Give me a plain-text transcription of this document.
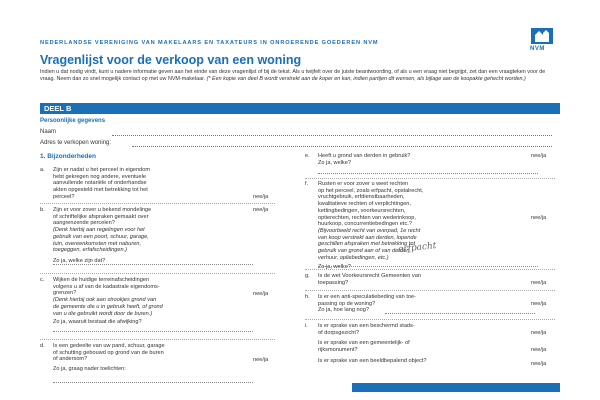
NEDERLANDSE VERENIGING VAN MAKELAARS EN TAXATEURS IN ONROERENDE GOEDEREN NVM
NVM
Vragenlijst voor de verkoop van een woning
Indien u dat nodig vindt, kunt u nadere informatie geven aan het einde van deze vragenlijst of bij de tekst. Als u twijfelt over de juiste beantwoording, of als u een vraag niet begrijpt, zet dan een vraagteken voor de vraag. Neem dan zo snel mogelijk contact op met uw NVM-makelaar. (* Een kopie van deel B wordt verstrekt aan de koper en kan, indien partijen dit wensen, als bijlage aan de koopakte gehecht worden.)
DEEL B
Persoonlijke gegevens
Naam
Adres te verkopen woning:
1. Bijzonderheden
a. Zijn er nadat u het perceel in eigendom
hebt gekregen nog andere, eventuele
aanvullende notariële of onderhandse
akten opgesteld met betrekking tot het
perceel?	nee/ja
b. Zijn er voor zover u bekend mondelinge
of schriftelijke afspraken gemaakt over
aangrenzende percelen?
(Denk hierbij aan regelingen voor het
gebruik van een poort, schuur, garage,
tuin, overeenkomsten met naburen,
toegeggen, erfafscheidingen.)
Zo ja, welke zijn dat?
nee/ja
c. Wijken de huidige terreinafscheidingen
volgens u af van de kadastrale eigendoms-
grenzen?
(Denk hierbij ook aan strookjes grond van
de gemeente die u in gebruik heeft, of grond
van u die gebruikt wordt door de buren.)
Zo ja, waaruit bestaat die afwijking?
nee/ja
d. Is een gedeelte van uw pand, schuur, garage
of schutting gebouwd op grond van de buren
of andersom?
Zo ja, graag nader toelichten:
nee/ja
e. Heeft u grond van derden in gebruik?
Zo ja, welke?
nee/ja
f. Rusten er voor zover u weet rechten
op het perceel, zoals erfpacht, opstalrecht,
vruchtgebruik, erfdienstbaarheden,
kwalitatieve rechten of verplichtingen,
kettingbedingen, voorkeursrechten,
optierechten, rechten van wederinkoop,
huurkoop, concurrentiebedingen etc.?
(Bijvoorbeeld recht van overpad, 1e recht
van koop verstrekt aan derden, lopende
geschillen afspraken met betrekking tot
gebruik van grond aan of van derden,
verhuur, opliebedingen, etc.)
Zo ja, welke?
nee/ja
g. Is de wet Voorkeursrecht Gemeenten van
toepassing?	nee/ja
h. Is er een anti-speculatiebeding van toe-
passing op de woning?
Zo ja, hoe lang nog?
nee/ja
i. Is er sprake van een beschermd stads-
of dorpsgezicht?
Is er sprake van een gemeentelijk- of
rijksmonument?
Is er sprake van een beeldbepalend object?
nee/ja
nee/ja
nee/ja
erfpacht
